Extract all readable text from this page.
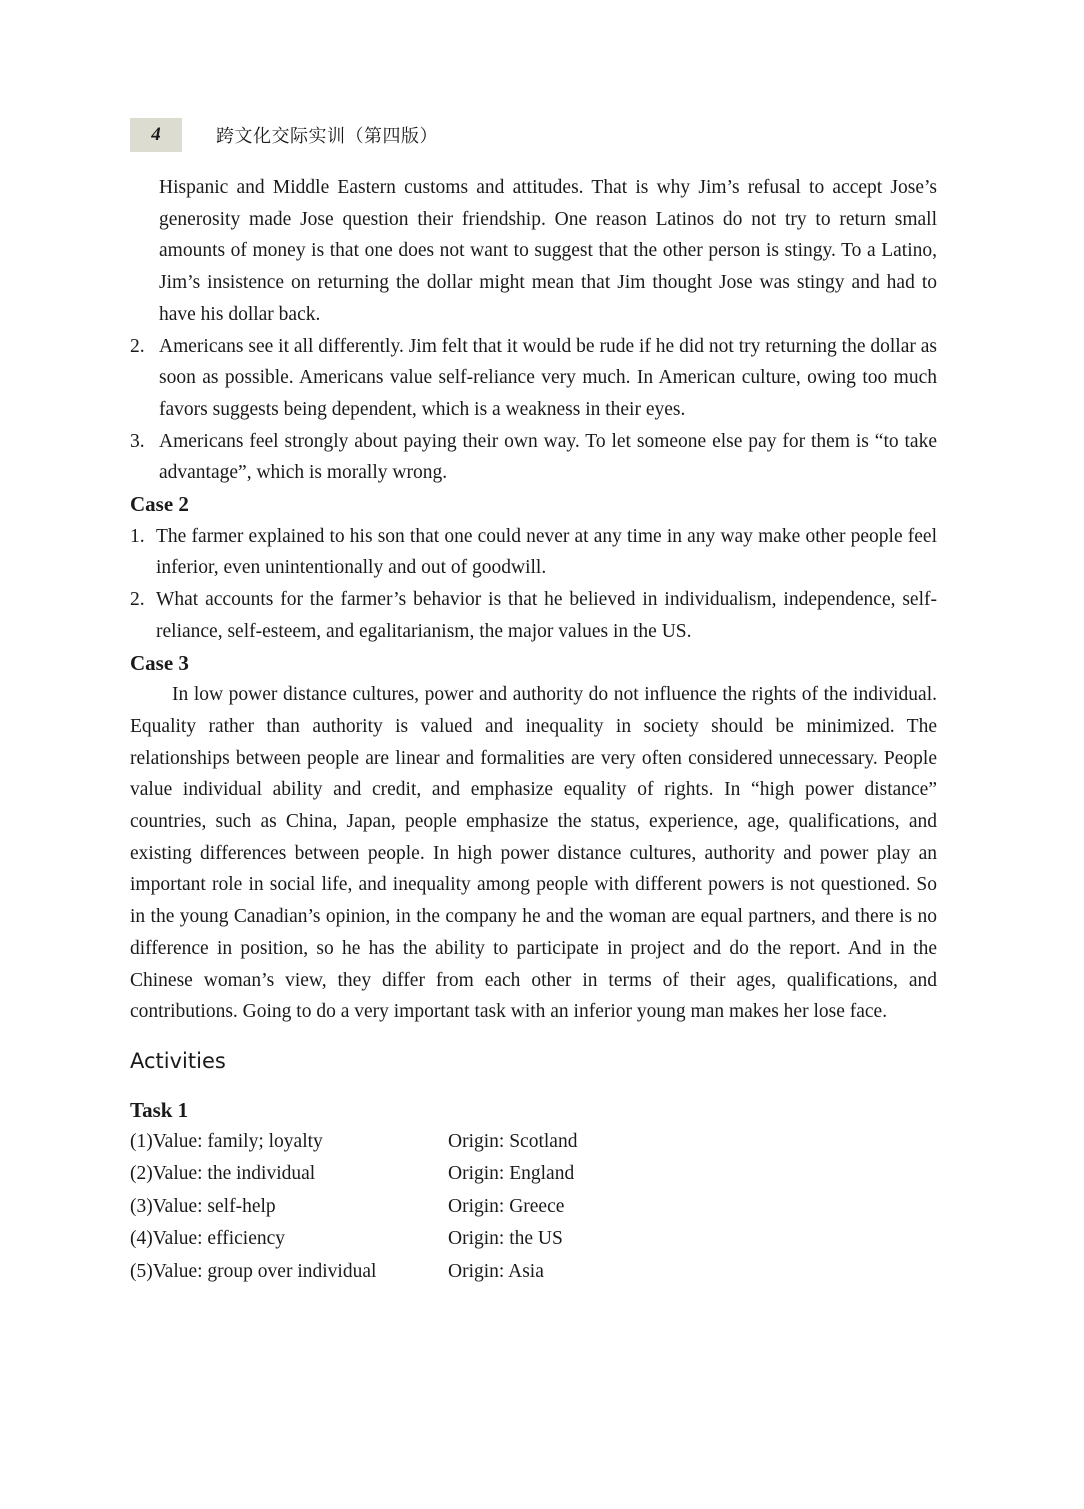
4	跨文化交际实训（第四版）

Hispanic and Middle Eastern customs and attitudes. That is why Jim’s refusal to accept Jose’s generosity made Jose question their friendship. One reason Latinos do not try to return small amounts of money is that one does not want to suggest that the other person is stingy. To a Latino, Jim’s insistence on returning the dollar might mean that Jim thought Jose was stingy and had to have his dollar back.

2. Americans see it all differently. Jim felt that it would be rude if he did not try returning the dollar as soon as possible. Americans value self-reliance very much. In American culture, owing too much favors suggests being dependent, which is a weakness in their eyes.
3. Americans feel strongly about paying their own way. To let someone else pay for them is “to take advantage”, which is morally wrong.
Case 2
1. The farmer explained to his son that one could never at any time in any way make other people feel inferior, even unintentionally and out of goodwill.
2. What accounts for the farmer’s behavior is that he believed in individualism, independence, self-reliance, self-esteem, and egalitarianism, the major values in the US.
Case 3

In low power distance cultures, power and authority do not influence the rights of the individual. Equality rather than authority is valued and inequality in society should be minimized. The relationships between people are linear and formalities are very often considered unnecessary. People value individual ability and credit, and emphasize equality of rights. In “high power distance” countries, such as China, Japan, people emphasize the status, experience, age, qualifications, and existing differences between people. In high power distance cultures, authority and power play an important role in social life, and inequality among people with different powers is not questioned. So in the young Canadian’s opinion, in the company he and the woman are equal partners, and there is no difference in position, so he has the ability to participate in project and do the report. And in the Chinese woman’s view, they differ from each other in terms of their ages, qualifications, and contributions. Going to do a very important task with an inferior young man makes her lose face.

Activities
Task 1
(1)Value: family; loyalty	Origin: Scotland
(2)Value: the individual	Origin: England
(3)Value: self-help	Origin: Greece
(4)Value: efficiency	Origin: the US
(5)Value: group over individual	Origin: Asia
